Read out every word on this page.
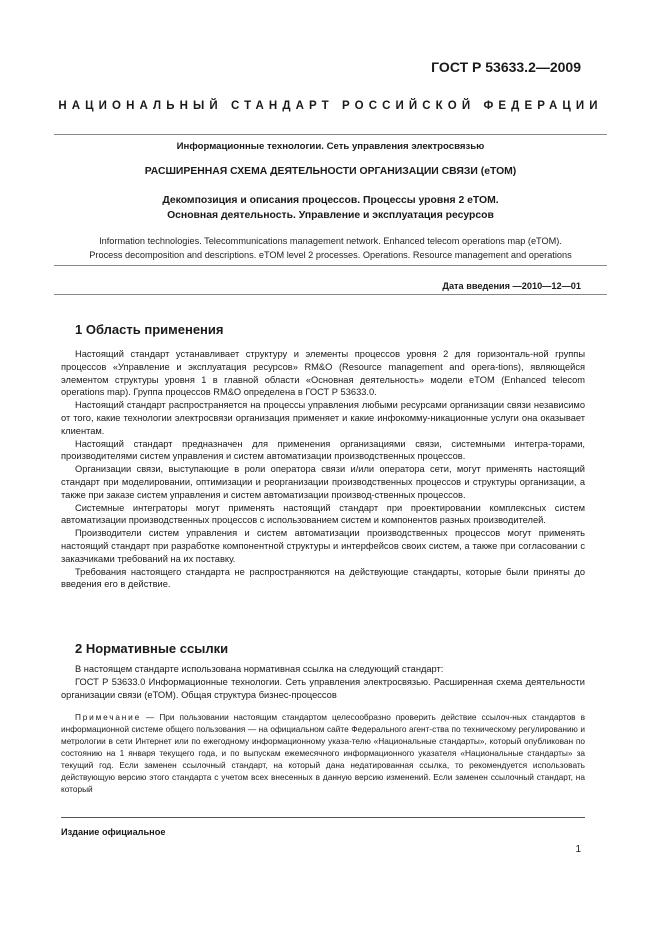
ГОСТ Р 53633.2—2009
НАЦИОНАЛЬНЫЙ СТАНДАРТ РОССИЙСКОЙ ФЕДЕРАЦИИ
Информационные технологии. Сеть управления электросвязью
РАСШИРЕННАЯ СХЕМА ДЕЯТЕЛЬНОСТИ ОРГАНИЗАЦИИ СВЯЗИ (еТОМ)
Декомпозиция и описания процессов. Процессы уровня 2 еТОМ.
Основная деятельность. Управление и эксплуатация ресурсов
Information technologies. Telecommunications management network. Enhanced telecom operations map (eTOM).
Process decomposition and descriptions. eTOM level 2 processes. Operations. Resource management and operations
Дата введения —2010—12—01
1 Область применения

Настоящий стандарт устанавливает структуру и элементы процессов уровня 2 для горизонталь-ной группы процессов «Управление и эксплуатация ресурсов» RM&O (Resource management and opera-tions), являющейся элементом структуры уровня 1 в главной области «Основная деятельность» модели eTOM (Enhanced telecom operations map). Группа процессов RM&O определена в ГОСТ Р 53633.0.

Настоящий стандарт распространяется на процессы управления любыми ресурсами организации связи независимо от того, какие технологии электросвязи организация применяет и какие инфокомму-никационные услуги она оказывает клиентам.

Настоящий стандарт предназначен для применения организациями связи, системными интегра-торами, производителями систем управления и систем автоматизации производственных процессов.

Организации связи, выступающие в роли оператора связи и/или оператора сети, могут применять настоящий стандарт при моделировании, оптимизации и реорганизации производственных процессов и структуры организации, а также при заказе систем управления и систем автоматизации производ-ственных процессов.

Системные интеграторы могут применять настоящий стандарт при проектировании комплексных систем автоматизации производственных процессов с использованием систем и компонентов разных производителей.

Производители систем управления и систем автоматизации производственных процессов могут применять настоящий стандарт при разработке компонентной структуры и интерфейсов своих систем, а также при согласовании с заказчиками требований на их поставку.

Требования настоящего стандарта не распространяются на действующие стандарты, которые были приняты до введения его в действие.

2 Нормативные ссылки

В настоящем стандарте использована нормативная ссылка на следующий стандарт:

ГОСТ Р 53633.0 Информационные технологии. Сеть управления электросвязью. Расширенная схема деятельности организации связи (еТОМ). Общая структура бизнес-процессов

Примечание — При пользовании настоящим стандартом целесообразно проверить действие ссылоч-ных стандартов в информационной системе общего пользования — на официальном сайте Федерального агент-ства по техническому регулированию и метрологии в сети Интернет или по ежегодному информационному указа-телю «Национальные стандарты», который опубликован по состоянию на 1 января текущего года, и по выпускам ежемесячного информационного указателя «Национальные стандарты» за текущий год. Если заменен ссылочный стандарт, на который дана недатированная ссылка, то рекомендуется использовать действующую версию этого стандарта с учетом всех внесенных в данную версию изменений. Если заменен ссылочный стандарт, на который

Издание официальное
1
